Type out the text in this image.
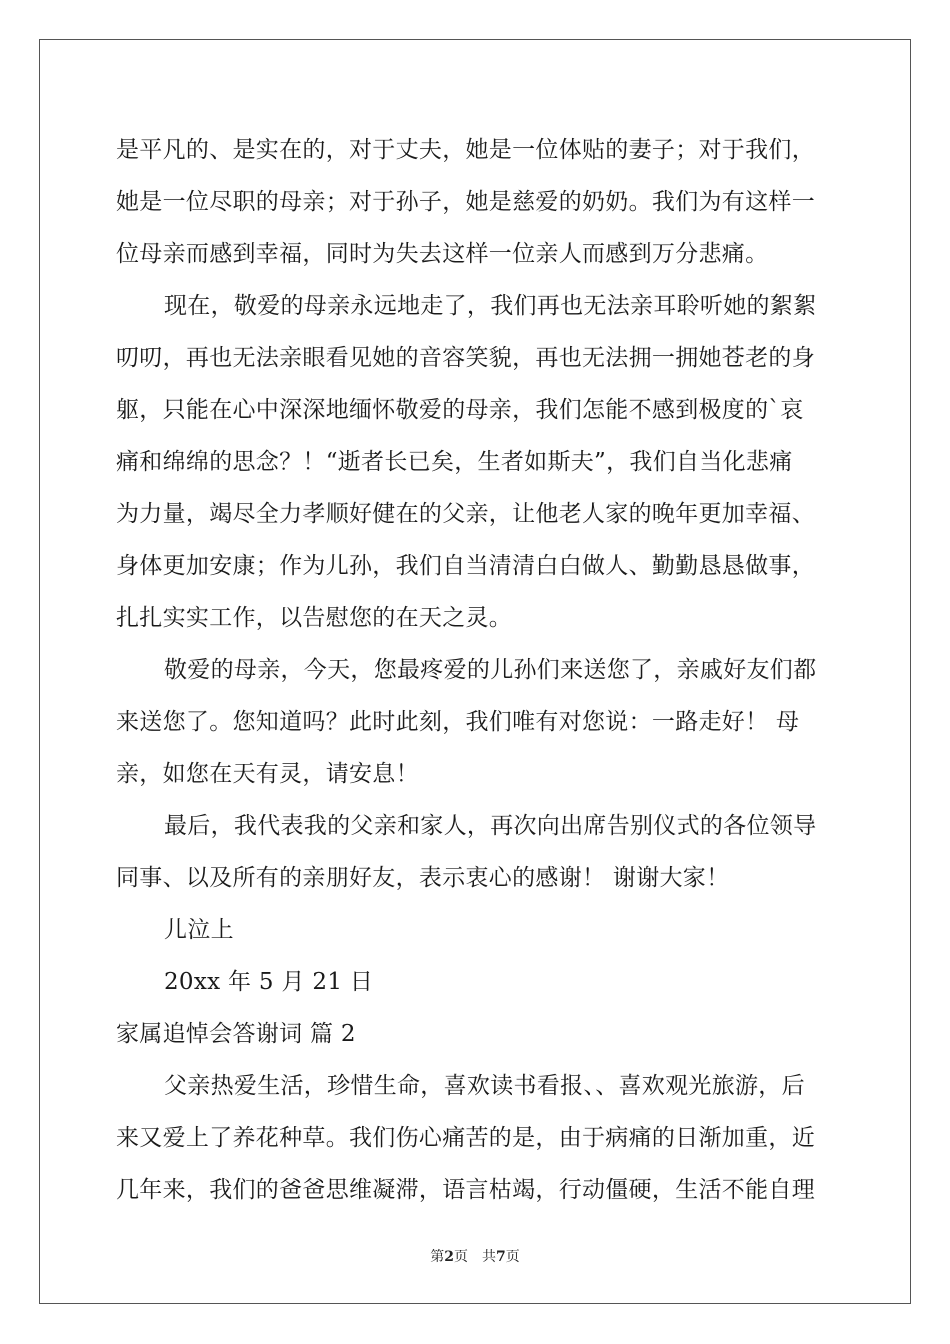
是平凡的、是实在的，对于丈夫，她是一位体贴的妻子；对于我们，
她是一位尽职的母亲；对于孙子，她是慈爱的奶奶。我们为有这样一
位母亲而感到幸福，同时为失去这样一位亲人而感到万分悲痛。
现在，敬爱的母亲永远地走了，我们再也无法亲耳聆听她的絮絮
叨叨，再也无法亲眼看见她的音容笑貌，再也无法拥一拥她苍老的身
躯，只能在心中深深地缅怀敬爱的母亲，我们怎能不感到极度的`哀
痛和绵绵的思念？！“逝者长已矣，生者如斯夫”，我们自当化悲痛
为力量，竭尽全力孝顺好健在的父亲，让他老人家的晚年更加幸福、
身体更加安康；作为儿孙，我们自当清清白白做人、勤勤恳恳做事，
扎扎实实工作，以告慰您的在天之灵。
敬爱的母亲，今天，您最疼爱的儿孙们来送您了，亲戚好友们都
来送您了。您知道吗？此时此刻，我们唯有对您说：一路走好！ 母
亲，如您在天有灵，请安息！
最后，我代表我的父亲和家人，再次向出席告别仪式的各位领导
同事、以及所有的亲朋好友，表示衷心的感谢！ 谢谢大家！
儿泣上
20xx 年 5 月 21 日
家属追悼会答谢词 篇 2
父亲热爱生活，珍惜生命，喜欢读书看报、、喜欢观光旅游，后
来又爱上了养花种草。我们伤心痛苦的是，由于病痛的日渐加重，近
几年来，我们的爸爸思维凝滞，语言枯竭，行动僵硬，生活不能自理
第2页　共7页
